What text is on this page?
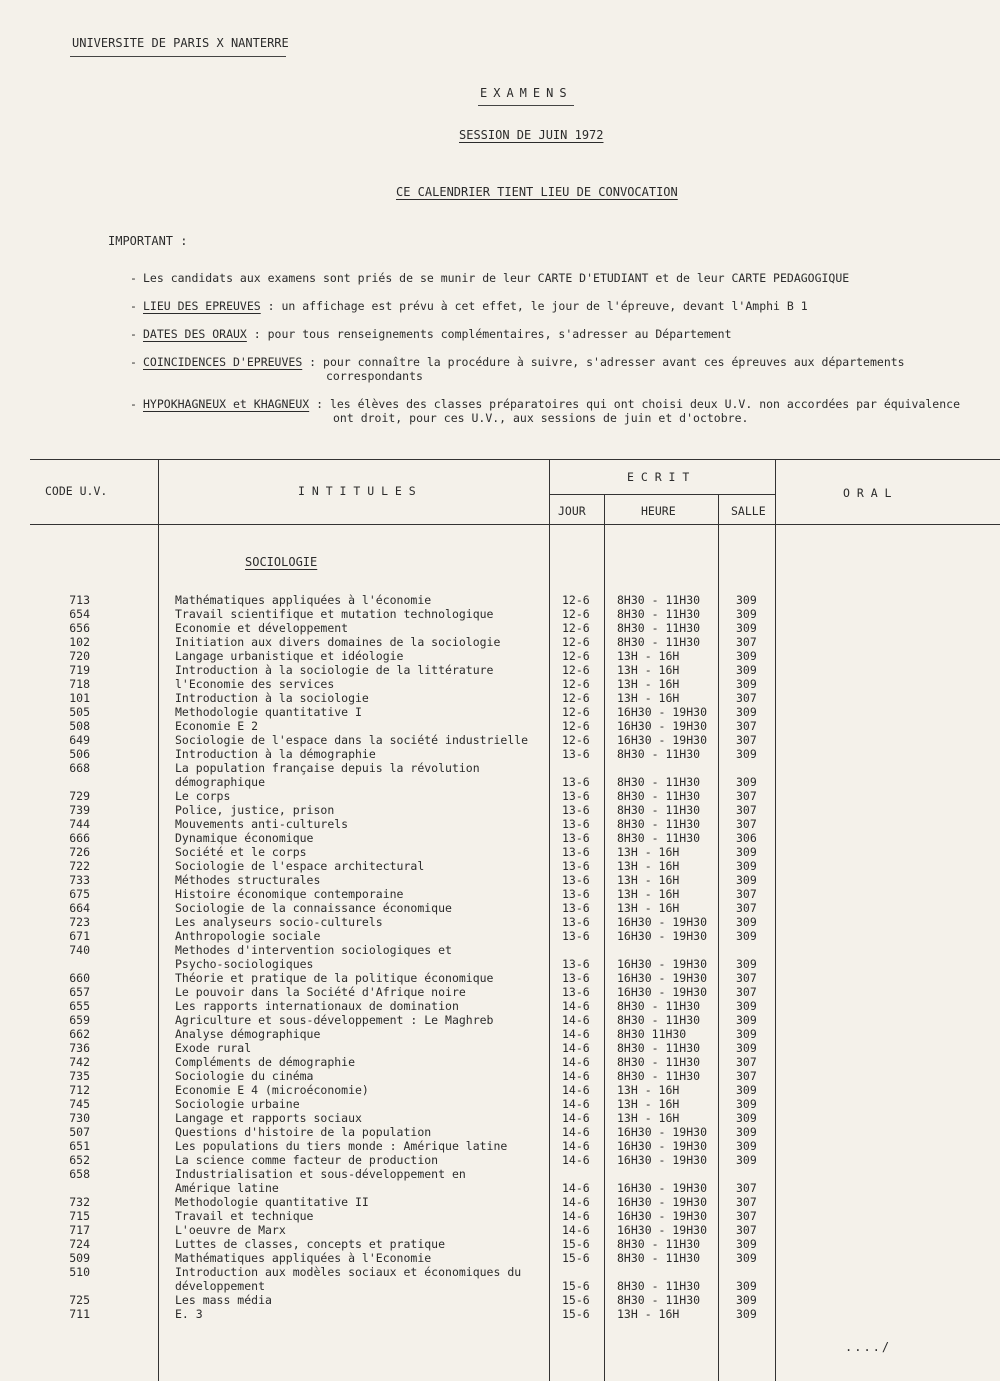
UNIVERSITE DE PARIS X NANTERRE
EXAMENS
SESSION DE JUIN 1972
CE CALENDRIER TIENT LIEU DE CONVOCATION
IMPORTANT :
- Les candidats aux examens sont priés de se munir de leur CARTE D'ETUDIANT et de leur CARTE PEDAGOGIQUE
- LIEU DES EPREUVES : un affichage est prévu à cet effet, le jour de l'épreuve, devant l'Amphi B 1
- DATES DES ORAUX : pour tous renseignements complémentaires, s'adresser au Département
- COINCIDENCES D'EPREUVES : pour connaître la procédure à suivre, s'adresser avant ces épreuves aux départements
correspondants
- HYPOKHAGNEUX et KHAGNEUX : les élèves des classes préparatoires qui ont choisi deux U.V. non accordées par équivalence
ont droit, pour ces U.V., aux sessions de juin et d'octobre.
CODE U.V.	I N T I T U L E S
E C R I T
JOUR	HEURE	SALLE
O R A L
SOCIOLOGIE
713	Mathématiques appliquées à l'économie	12-6 8H30 - 11H30	309
654	Travail scientifique et mutation technologique	12-6 8H30 - 11H30	309
656	Economie et développement	12-6 8H30 - 11H30	309
102	Initiation aux divers domaines de la sociologie	12-6 8H30 - 11H30	307
720	Langage urbanistique et idéologie	12-6 13H - 16H	309
719	Introduction à la sociologie de la littérature	12-6 13H - 16H	309
718	l'Economie des services	12-6 13H - 16H	309
101	Introduction à la sociologie	12-6 13H - 16H	307
505	Methodologie quantitative I	12-6 16H30 - 19H30	309
508	Economie E 2	12-6 16H30 - 19H30	307
649	Sociologie de l'espace dans la société industrielle	12-6 16H30 - 19H30	307
506	Introduction à la démographie	13-6 8H30 - 11H30	309
668	La population française depuis la révolution
démographique	13-6 8H30 - 11H30	309
729	Le corps	13-6 8H30 - 11H30	307
739	Police, justice, prison	13-6 8H30 - 11H30	307
744	Mouvements anti-culturels	13-6 8H30 - 11H30	307
666	Dynamique économique	13-6 8H30 - 11H30	306
726	Société et le corps	13-6 13H - 16H	309
722	Sociologie de l'espace architectural	13-6 13H - 16H	309
733	Méthodes structurales	13-6 13H - 16H	309
675	Histoire économique contemporaine	13-6 13H - 16H	307
664	Sociologie de la connaissance économique	13-6 13H - 16H	307
723	Les analyseurs socio-culturels	13-6 16H30 - 19H30	309
671	Anthropologie sociale	13-6 16H30 - 19H30	309
740	Methodes d'intervention sociologiques et
Psycho-sociologiques	13-6 16H30 - 19H30	309
660	Théorie et pratique de la politique économique	13-6 16H30 - 19H30	307
657	Le pouvoir dans la Société d'Afrique noire	13-6 16H30 - 19H30	307
655	Les rapports internationaux de domination	14-6 8H30 - 11H30	309
659	Agriculture et sous-développement : Le Maghreb	14-6 8H30 - 11H30	309
662	Analyse démographique	14-6 8H30 11H30	309
736	Exode rural	14-6 8H30 - 11H30	309
742	Compléments de démographie	14-6 8H30 - 11H30	307
735	Sociologie du cinéma	14-6 8H30 - 11H30	307
712	Economie E 4 (microéconomie)	14-6 13H - 16H	309
745	Sociologie urbaine	14-6 13H - 16H	309
730	Langage et rapports sociaux	14-6 13H - 16H	309
507	Questions d'histoire de la population	14-6 16H30 - 19H30	309
651	Les populations du tiers monde : Amérique latine	14-6 16H30 - 19H30	309
652	La science comme facteur de production	14-6 16H30 - 19H30	309
658	Industrialisation et sous-développement en
Amérique latine	14-6 16H30 - 19H30	307
732	Methodologie quantitative II	14-6 16H30 - 19H30	307
715	Travail et technique	14-6 16H30 - 19H30	307
717	L'oeuvre de Marx	14-6 16H30 - 19H30	307
724	Luttes de classes, concepts et pratique	15-6 8H30 - 11H30	309
509	Mathématiques appliquées à l'Economie	15-6 8H30 - 11H30	309
510	Introduction aux modèles sociaux et économiques du
développement	15-6 8H30 - 11H30	309
725	Les mass média	15-6 8H30 - 11H30	309
711	E. 3	15-6 13H - 16H	309
..../
